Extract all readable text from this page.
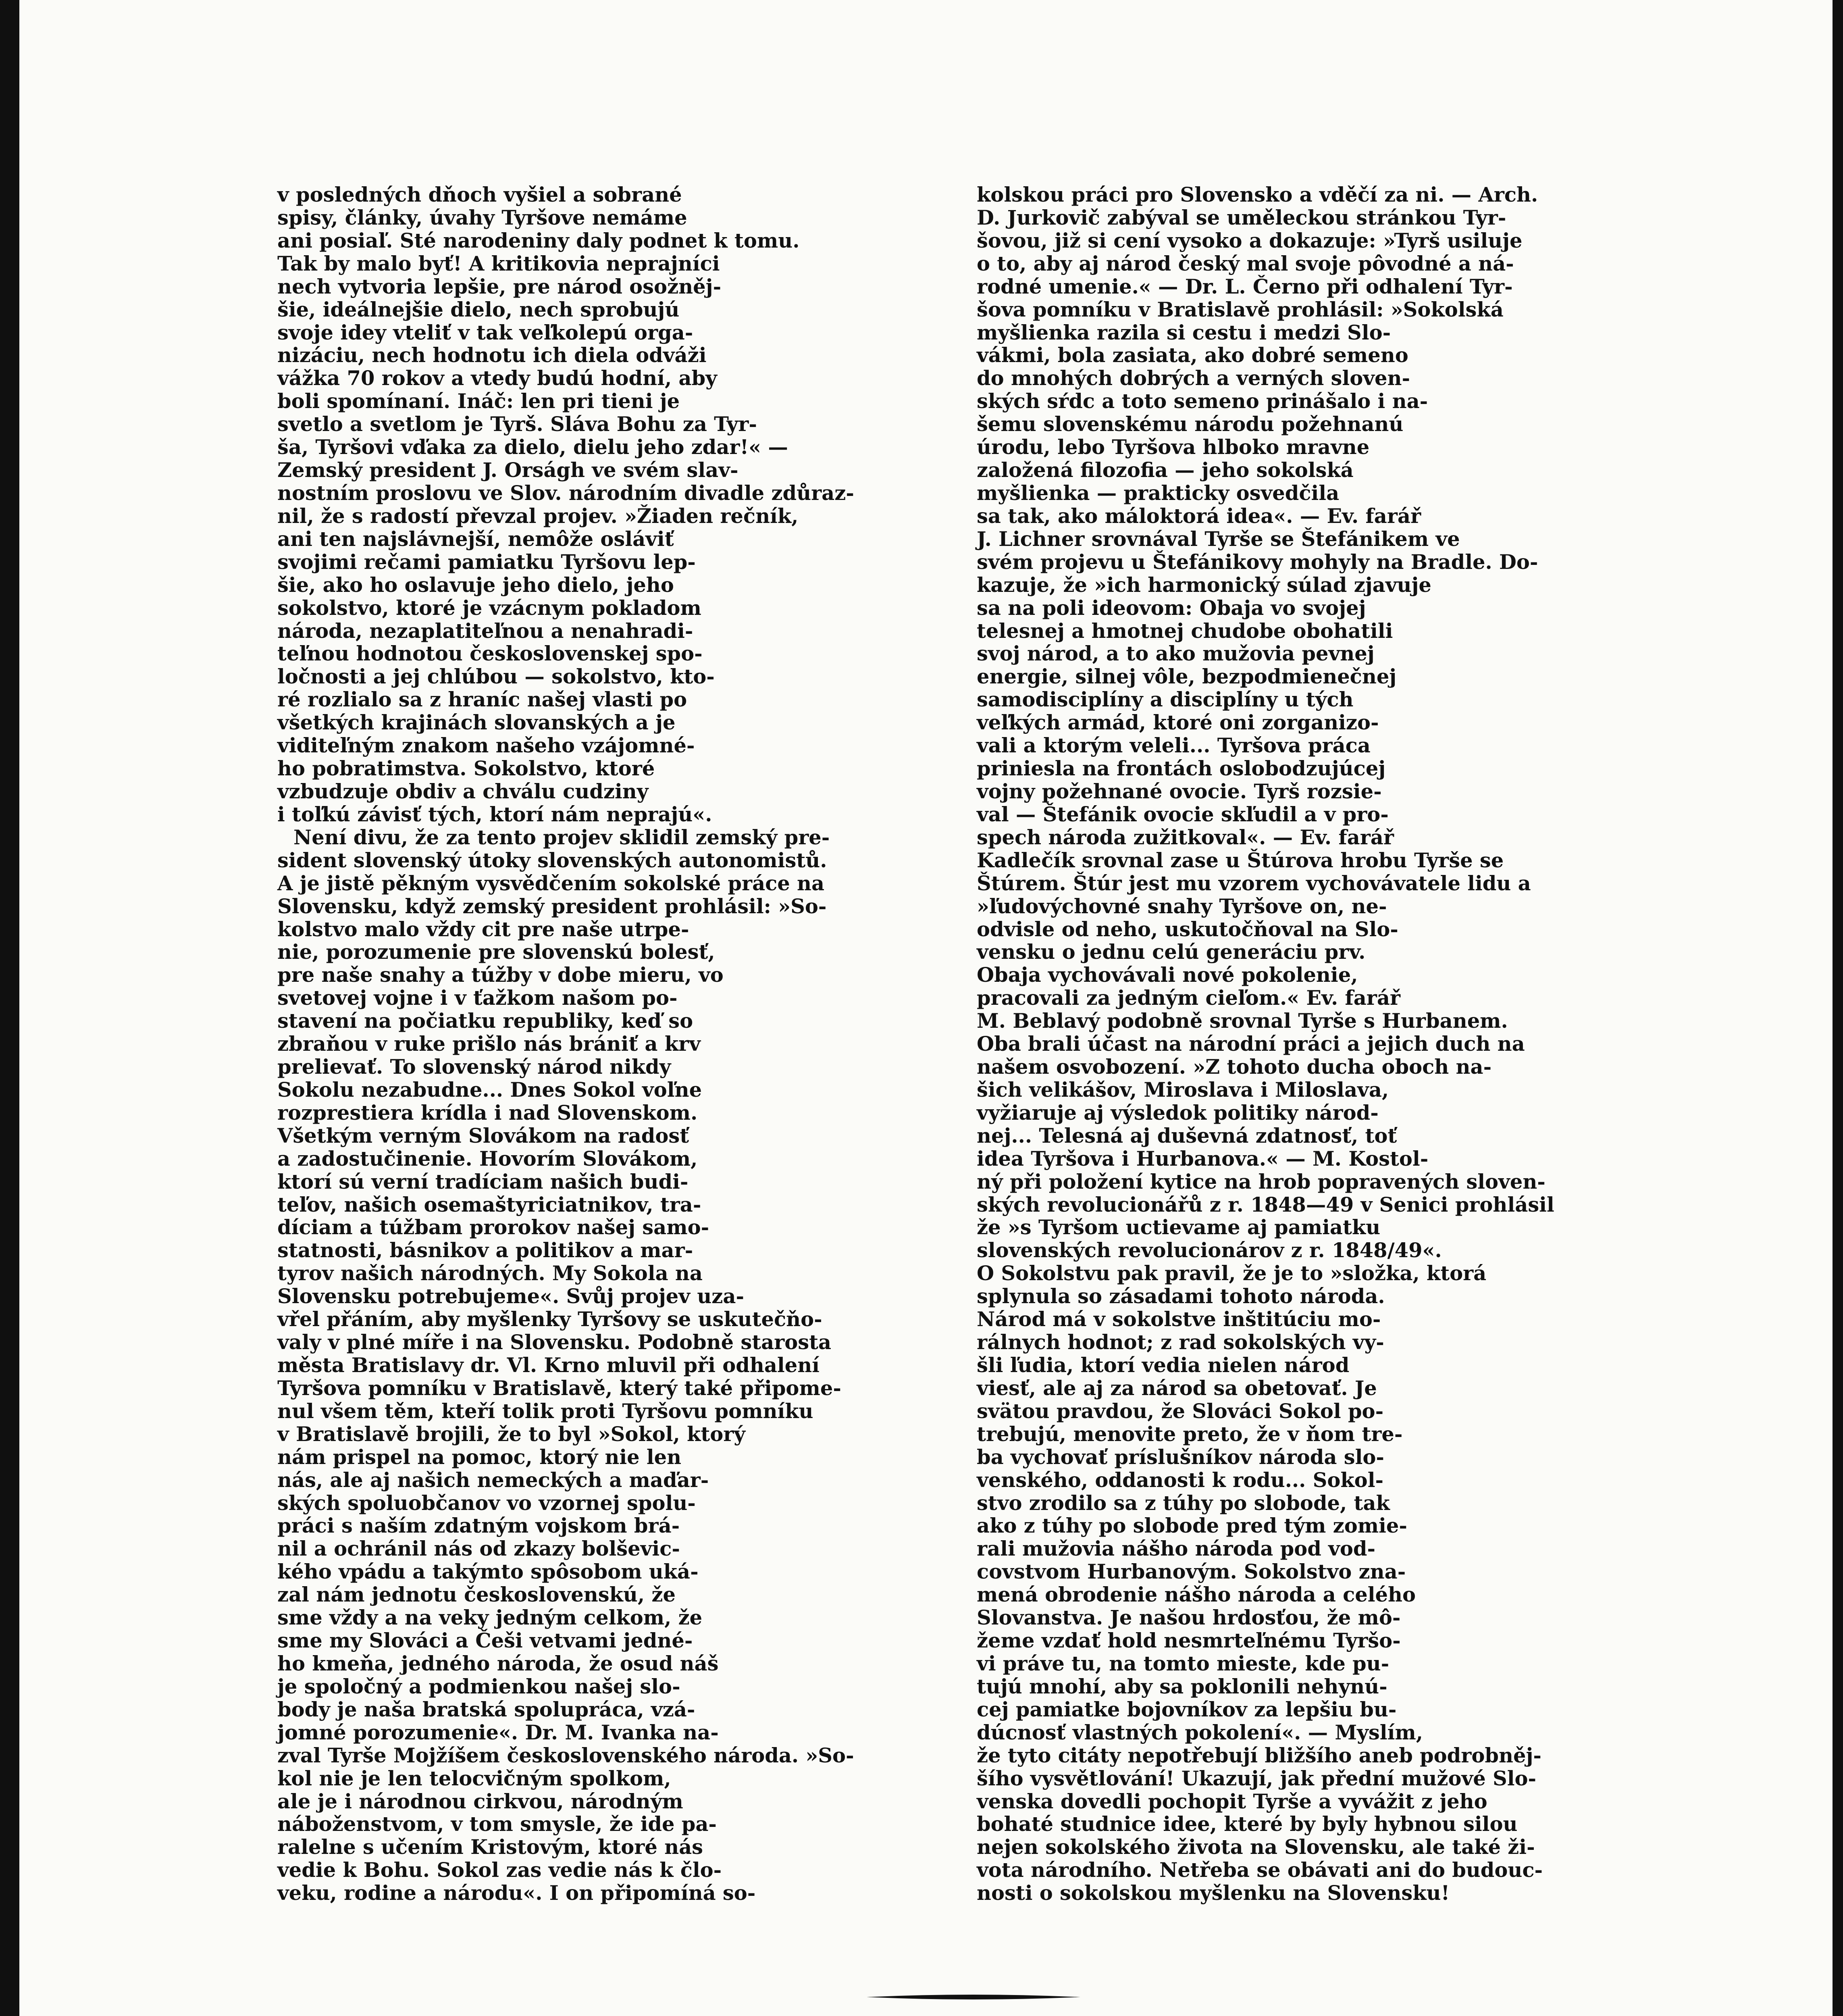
v posledných dňoch vyšiel a sobrané
spisy, články, úvahy Tyršove nemáme
ani posiaľ. Sté narodeniny daly podnet k tomu.
Tak by malo byť! A kritikovia neprajníci
nech vytvoria lepšie, pre národ osožněj-
šie, ideálnejšie dielo, nech sprobujú
svoje idey vteliť v tak veľkolepú orga-
nizáciu, nech hodnotu ich diela odváži
vážka 70 rokov a vtedy budú hodní, aby
boli spomínaní. Ináč: len pri tieni je
svetlo a svetlom je Tyrš. Sláva Bohu za Tyr-
ša, Tyršovi vďaka za dielo, dielu jeho zdar!« —
Zemský president J. Orságh ve svém slav-
nostním proslovu ve Slov. národním divadle zdůraz-
nil, že s radostí převzal projev. »Žiaden rečník,
ani ten najslávnejší, nemôže osláviť
svojimi rečami pamiatku Tyršovu lep-
šie, ako ho oslavuje jeho dielo, jeho
sokolstvo, ktoré je vzácnym pokladom
národa, nezaplatiteľnou a nenahradi-
teľnou hodnotou československej spo-
ločnosti a jej chlúbou — sokolstvo, kto-
ré rozlialo sa z hraníc našej vlasti po
všetkých krajinách slovanských a je
viditeľným znakom našeho vzájomné-
ho pobratimstva. Sokolstvo, ktoré
vzbudzuje obdiv a chválu cudziny
i toľkú závisť tých, ktorí nám neprajú«.

Není divu, že za tento projev sklidil zemský pre-
sident slovenský útoky slovenských autonomistů.
A je jistě pěkným vysvědčením sokolské práce na
Slovensku, když zemský president prohlásil: »So-
kolstvo malo vždy cit pre naše utrpe-
nie, porozumenie pre slovenskú bolesť,
pre naše snahy a túžby v dobe mieru, vo
svetovej vojne i v ťažkom našom po-
stavení na počiatku republiky, keď so
zbraňou v ruke prišlo nás brániť a krv
prelievať. To slovenský národ nikdy
Sokolu nezabudne... Dnes Sokol voľne
rozprestiera krídla i nad Slovenskom.
Všetkým verným Slovákom na radosť
a zadostučinenie. Hovorím Slovákom,
ktorí sú verní tradíciam našich budi-
teľov, našich osemaštyriciatnikov, tra-
díciam a túžbam prorokov našej samo-
statnosti, básnikov a politikov a mar-
tyrov našich národných. My Sokola na
Slovensku potrebujeme«. Svůj projev uza-
vřel přáním, aby myšlenky Tyršovy se uskutečňo-
valy v plné míře i na Slovensku. Podobně starosta
města Bratislavy dr. Vl. Krno mluvil při odhalení
Tyršova pomníku v Bratislavě, který také připome-
nul všem těm, kteří tolik proti Tyršovu pomníku
v Bratislavě brojili, že to byl »Sokol, ktorý
nám prispel na pomoc, ktorý nie len
nás, ale aj našich nemeckých a maďar-
ských spoluobčanov vo vzornej spolu-
práci s naším zdatným vojskom brá-
nil a ochránil nás od zkazy bolševic-
kého vpádu a takýmto spôsobom uká-
zal nám jednotu československú, že
sme vždy a na veky jedným celkom, že
sme my Slováci a Češi vetvami jedné-
ho kmeňa, jedného národa, že osud náš
je spoločný a podmienkou našej slo-
body je naša bratská spolupráca, vzá-
jomné porozumenie«. Dr. M. Ivanka na-
zval Tyrše Mojžíšem československého národa. »So-
kol nie je len telocvičným spolkom,
ale je i národnou cirkvou, národným
náboženstvom, v tom smysle, že ide pa-
ralelne s učením Kristovým, ktoré nás
vedie k Bohu. Sokol zas vedie nás k člo-
veku, rodine a národu«. I on připomíná so-

kolskou práci pro Slovensko a vděčí za ni. — Arch.
D. Jurkovič zabýval se uměleckou stránkou Tyr-
šovou, již si cení vysoko a dokazuje: »Tyrš usiluje
o to, aby aj národ český mal svoje pôvodné a ná-
rodné umenie.« — Dr. L. Černo při odhalení Tyr-
šova pomníku v Bratislavě prohlásil: »Sokolská
myšlienka razila si cestu i medzi Slo-
vákmi, bola zasiata, ako dobré semeno
do mnohých dobrých a verných sloven-
ských sŕdc a toto semeno prinášalo i na-
šemu slovenskému národu požehnanú
úrodu, lebo Tyršova hlboko mravne
založená filozofia — jeho sokolská
myšlienka — prakticky osvedčila
sa tak, ako máloktorá idea«. — Ev. farář
J. Lichner srovnával Tyrše se Štefánikem ve
svém projevu u Štefánikovy mohyly na Bradle. Do-
kazuje, že »ich harmonický súlad zjavuje
sa na poli ideovom: Obaja vo svojej
telesnej a hmotnej chudobe obohatili
svoj národ, a to ako mužovia pevnej
energie, silnej vôle, bezpodmienečnej
samodisciplíny a disciplíny u tých
veľkých armád, ktoré oni zorganizo-
vali a ktorým veleli... Tyršova práca
priniesla na frontách oslobodzujúcej
vojny požehnané ovocie. Tyrš rozsie-
val — Štefánik ovocie skľudil a v pro-
spech národa zužitkoval«. — Ev. farář
Kadlečík srovnal zase u Štúrova hrobu Tyrše se
Štúrem. Štúr jest mu vzorem vychovávatele lidu a
»ľudovýchovné snahy Tyršove on, ne-
odvisle od neho, uskutočňoval na Slo-
vensku o jednu celú generáciu prv.
Obaja vychovávali nové pokolenie,
pracovali za jedným cieľom.« Ev. farář
M. Beblavý podobně srovnal Tyrše s Hurbanem.
Oba brali účast na národní práci a jejich duch na
našem osvobození. »Z tohoto ducha oboch na-
šich velikášov, Miroslava i Miloslava,
vyžiaruje aj výsledok politiky národ-
nej... Telesná aj duševná zdatnosť, toť
idea Tyršova i Hurbanova.« — M. Kostol-
ný při položení kytice na hrob popravených sloven-
ských revolucionářů z r. 1848—49 v Senici prohlásil
že »s Tyršom uctievame aj pamiatku
slovenských revolucionárov z r. 1848/49«.
O Sokolstvu pak pravil, že je to »složka, ktorá
splynula so zásadami tohoto národa.
Národ má v sokolstve inštitúciu mo-
rálnych hodnot; z rad sokolských vy-
šli ľudia, ktorí vedia nielen národ
viesť, ale aj za národ sa obetovať. Je
svätou pravdou, že Slováci Sokol po-
trebujú, menovite preto, že v ňom tre-
ba vychovať príslušníkov národa slo-
venského, oddanosti k rodu... Sokol-
stvo zrodilo sa z túhy po slobode, tak
ako z túhy po slobode pred tým zomie-
rali mužovia nášho národa pod vod-
covstvom Hurbanovým. Sokolstvo zna-
mená obrodenie nášho národa a celého
Slovanstva. Je našou hrdosťou, že mô-
žeme vzdať hold nesmrteľnému Tyršo-
vi práve tu, na tomto mieste, kde pu-
tujú mnohí, aby sa poklonili nehynú-
cej pamiatke bojovníkov za lepšiu bu-
dúcnosť vlastných pokolení«. — Myslím,
že tyto citáty nepotřebují bližšího aneb podrobněj-
šího vysvětlování! Ukazují, jak přední mužové Slo-
venska dovedli pochopit Tyrše a vyvážit z jeho
bohaté studnice idee, které by byly hybnou silou
nejen sokolského života na Slovensku, ale také ži-
vota národního. Netřeba se obávati ani do budouc-
nosti o sokolskou myšlenku na Slovensku!
